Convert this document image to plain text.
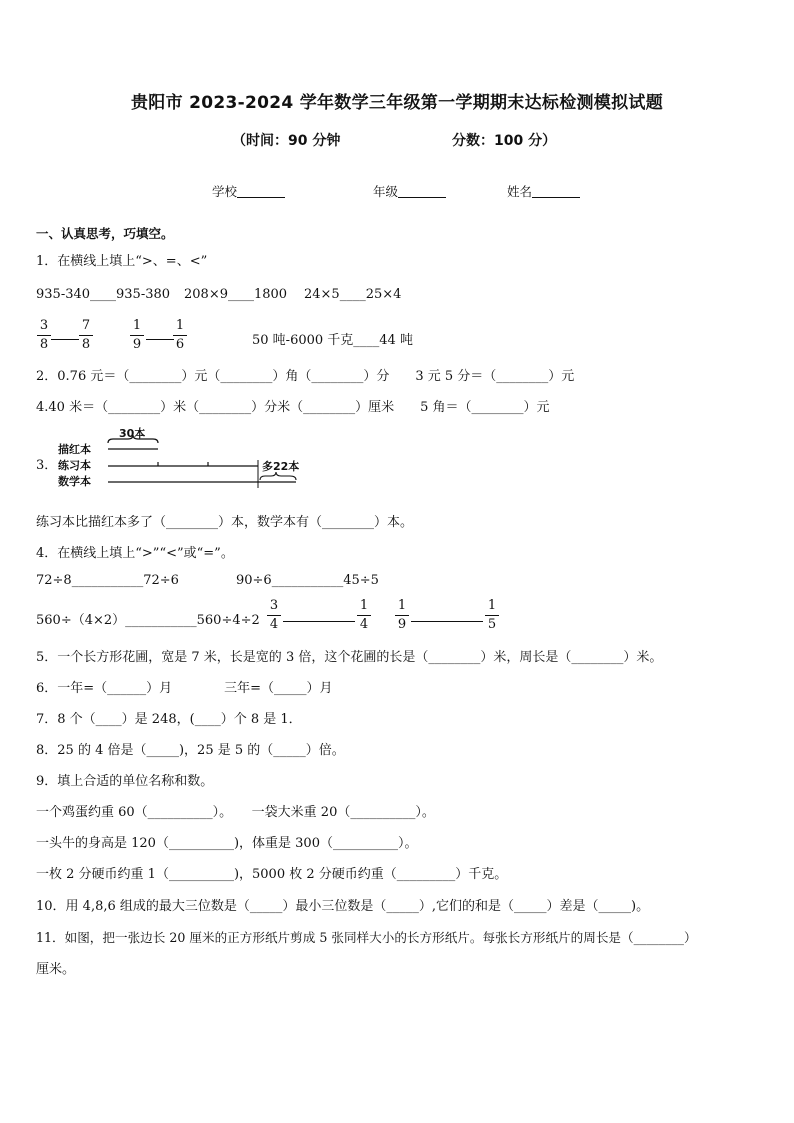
贵阳市 2023-2024 学年数学三年级第一学期期末达标检测模拟试题
（时间：90 分钟	分数：100 分）
学校	年级	姓名
一、认真思考，巧填空。
1．在横线上填上“>、=、<”
935-340____935-380 208×9____1800 24×5____25×4
3
8
7
8
1
9
1
6	50 吨-6000 千克____44 吨
2．0.76 元＝（________）元（________）角（________）分　　3 元 5 分＝（________）元
4.40 米＝（________）米（________）分米（________）厘米　　5 角＝（________）元
3．
描红本
练习本
数学本
30本
多22本
练习本比描红本多了（________）本，数学本有（________）本。
4．在横线上填上“>”“<”或“=”。
72÷8___________72÷6	90÷6___________45÷5
560÷（4×2）___________560÷4÷2
3
4
1
4
1
9
1
5
5．一个长方形花圃，宽是 7 米，长是宽的 3 倍，这个花圃的长是（________）米，周长是（________）米。
6．一年=（______）月　　　　三年=（_____）月
7．8 个（____）是 248，(____）个 8 是 1．
8．25 的 4 倍是（_____)，25 是 5 的（_____）倍。
9．填上合适的单位名称和数。
一个鸡蛋约重 60（__________）。　　一袋大米重 20（__________）。
一头牛的身高是 120（__________)，体重是 300（__________）。
一枚 2 分硬币约重 1（__________)，5000 枚 2 分硬币约重（_________）千克。
10．用 4,8,6 组成的最大三位数是（_____）最小三位数是（_____）,它们的和是（_____）差是（_____)。
11．如图，把一张边长 20 厘米的正方形纸片剪成 5 张同样大小的长方形纸片。每张长方形纸片的周长是（________）
厘米。
